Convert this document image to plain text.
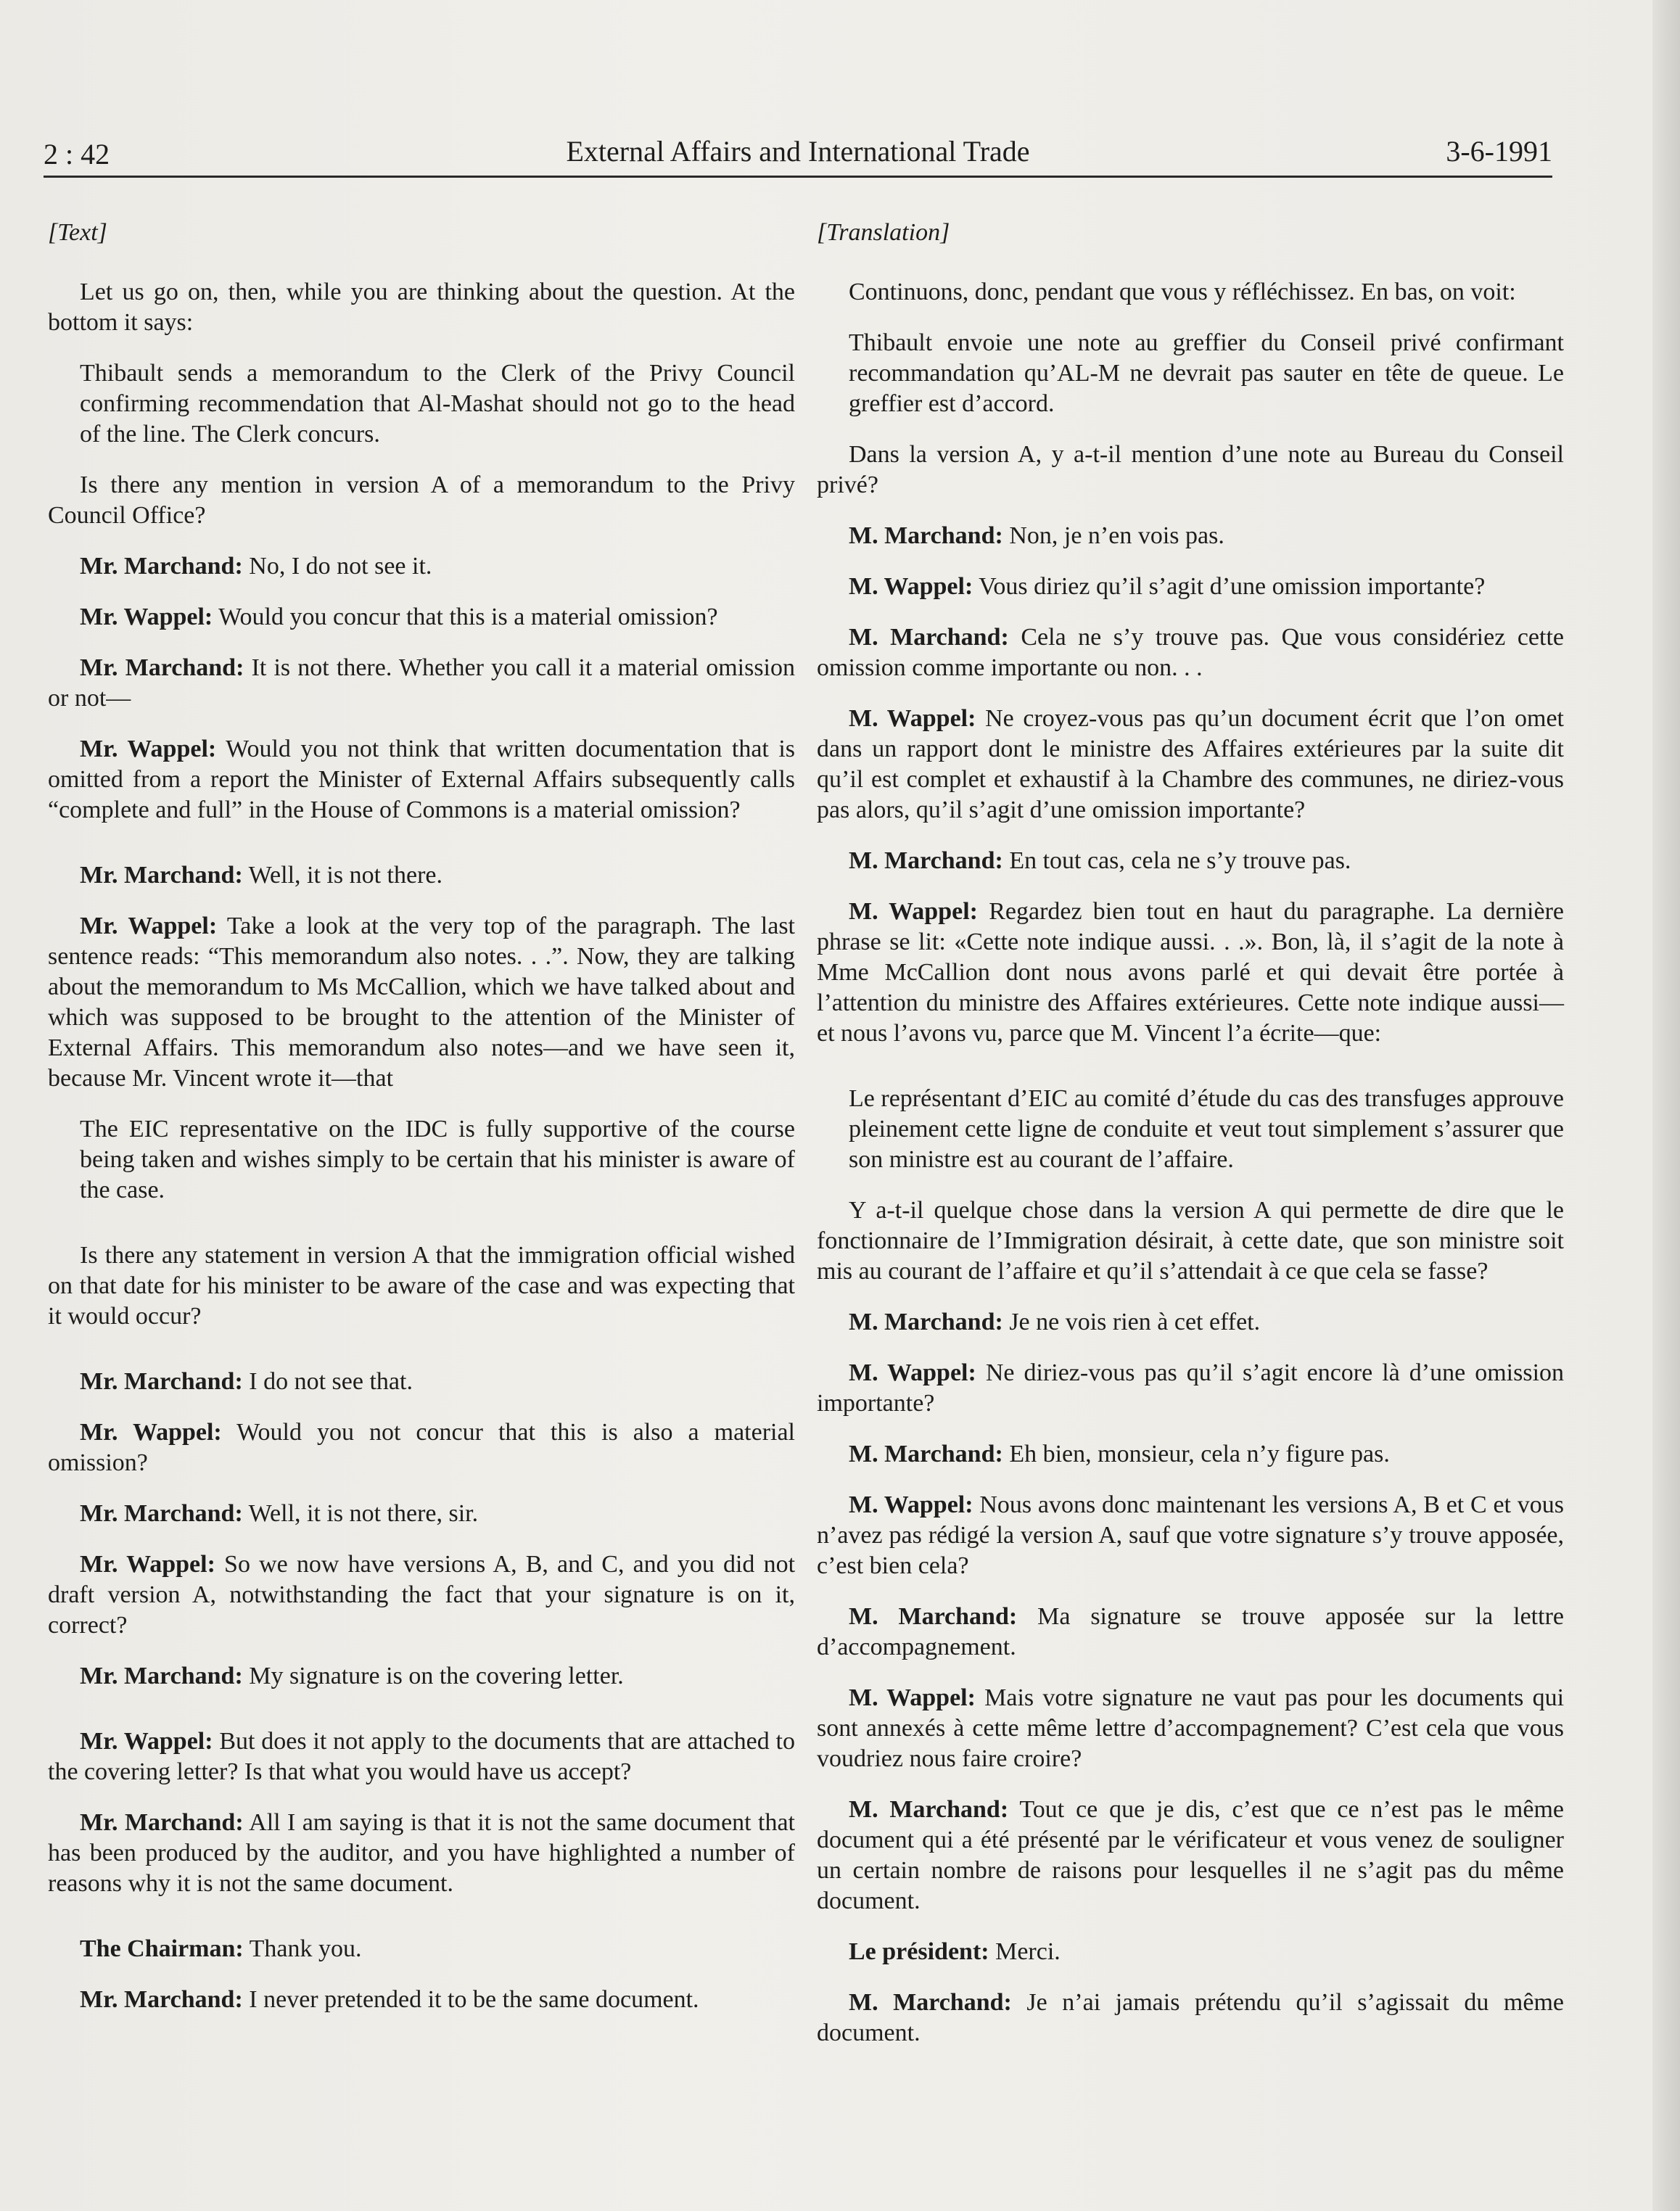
2 : 42	External Affairs and International Trade	3-6-1991

[Text]

Let us go on, then, while you are thinking about the question. At the bottom it says:

Thibault sends a memorandum to the Clerk of the Privy Council confirming recommendation that Al-Mashat should not go to the head of the line. The Clerk concurs.

Is there any mention in version A of a memorandum to the Privy Council Office?

Mr. Marchand: No, I do not see it.

Mr. Wappel: Would you concur that this is a material omission?

Mr. Marchand: It is not there. Whether you call it a material omission or not—

Mr. Wappel: Would you not think that written documentation that is omitted from a report the Minister of External Affairs subsequently calls “complete and full” in the House of Commons is a material omission?

Mr. Marchand: Well, it is not there.

Mr. Wappel: Take a look at the very top of the paragraph. The last sentence reads: “This memorandum also notes. . .”. Now, they are talking about the memorandum to Ms McCallion, which we have talked about and which was supposed to be brought to the attention of the Minister of External Affairs. This memorandum also notes—and we have seen it, because Mr. Vincent wrote it—that

The EIC representative on the IDC is fully supportive of the course being taken and wishes simply to be certain that his minister is aware of the case.

Is there any statement in version A that the immigration official wished on that date for his minister to be aware of the case and was expecting that it would occur?

Mr. Marchand: I do not see that.

Mr. Wappel: Would you not concur that this is also a material omission?

Mr. Marchand: Well, it is not there, sir.

Mr. Wappel: So we now have versions A, B, and C, and you did not draft version A, notwithstanding the fact that your signature is on it, correct?

Mr. Marchand: My signature is on the covering letter.

Mr. Wappel: But does it not apply to the documents that are attached to the covering letter? Is that what you would have us accept?

Mr. Marchand: All I am saying is that it is not the same document that has been produced by the auditor, and you have highlighted a number of reasons why it is not the same document.

The Chairman: Thank you.

Mr. Marchand: I never pretended it to be the same document.

[Translation]

Continuons, donc, pendant que vous y réfléchissez. En bas, on voit:

Thibault envoie une note au greffier du Conseil privé confirmant recommandation qu’AL-M ne devrait pas sauter en tête de queue. Le greffier est d’accord.

Dans la version A, y a-t-il mention d’une note au Bureau du Conseil privé?

M. Marchand: Non, je n’en vois pas.

M. Wappel: Vous diriez qu’il s’agit d’une omission importante?

M. Marchand: Cela ne s’y trouve pas. Que vous considériez cette omission comme importante ou non. . .

M. Wappel: Ne croyez-vous pas qu’un document écrit que l’on omet dans un rapport dont le ministre des Affaires extérieures par la suite dit qu’il est complet et exhaustif à la Chambre des communes, ne diriez-vous pas alors, qu’il s’agit d’une omission importante?

M. Marchand: En tout cas, cela ne s’y trouve pas.

M. Wappel: Regardez bien tout en haut du paragraphe. La dernière phrase se lit: «Cette note indique aussi. . .». Bon, là, il s’agit de la note à Mme McCallion dont nous avons parlé et qui devait être portée à l’attention du ministre des Affaires extérieures. Cette note indique aussi—et nous l’avons vu, parce que M. Vincent l’a écrite—que:

Le représentant d’EIC au comité d’étude du cas des transfuges approuve pleinement cette ligne de conduite et veut tout simplement s’assurer que son ministre est au courant de l’affaire.

Y a-t-il quelque chose dans la version A qui permette de dire que le fonctionnaire de l’Immigration désirait, à cette date, que son ministre soit mis au courant de l’affaire et qu’il s’attendait à ce que cela se fasse?

M. Marchand: Je ne vois rien à cet effet.

M. Wappel: Ne diriez-vous pas qu’il s’agit encore là d’une omission importante?

M. Marchand: Eh bien, monsieur, cela n’y figure pas.

M. Wappel: Nous avons donc maintenant les versions A, B et C et vous n’avez pas rédigé la version A, sauf que votre signature s’y trouve apposée, c’est bien cela?

M. Marchand: Ma signature se trouve apposée sur la lettre d’accompagnement.

M. Wappel: Mais votre signature ne vaut pas pour les documents qui sont annexés à cette même lettre d’accompagnement? C’est cela que vous voudriez nous faire croire?

M. Marchand: Tout ce que je dis, c’est que ce n’est pas le même document qui a été présenté par le vérificateur et vous venez de souligner un certain nombre de raisons pour lesquelles il ne s’agit pas du même document.

Le président: Merci.

M. Marchand: Je n’ai jamais prétendu qu’il s’agissait du même document.
